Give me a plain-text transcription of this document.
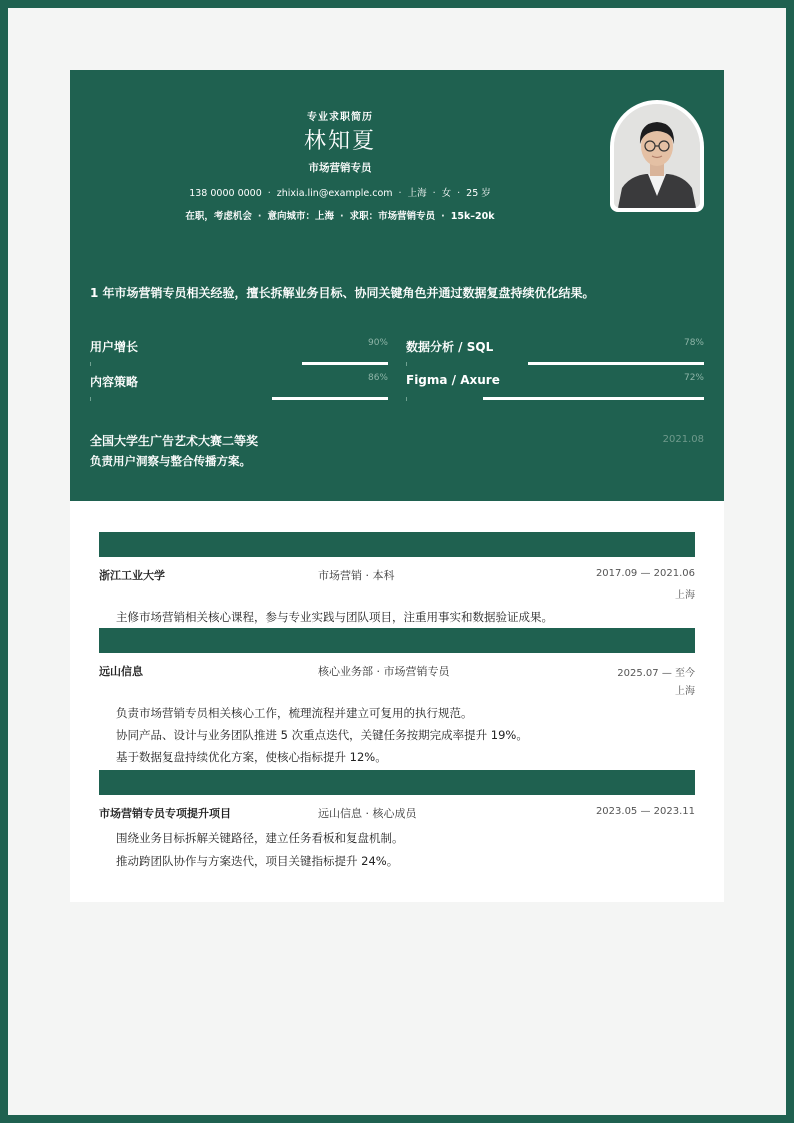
专业求职简历
林知夏
市场营销专员
138 0000 0000 · zhixia.lin@example.com · 上海 · 女 · 25 岁
在职，考虑机会 · 意向城市：上海 · 求职：市场营销专员 · 15k–20k
1 年市场营销专员相关经验，擅长拆解业务目标、协同关键角色并通过数据复盘持续优化结果。
用户增长	90% 数据分析 / SQL	78%
内容策略	86% Figma / Axure	72%
全国大学生广告艺术大赛二等奖	2021.08
负责用户洞察与整合传播方案。
浙江工业大学	市场营销 · 本科	2017.09 — 2021.06
上海
主修市场营销相关核心课程，参与专业实践与团队项目，注重用事实和数据验证成果。
远山信息	核心业务部 · 市场营销专员	2025.07 — 至今
上海
负责市场营销专员相关核心工作，梳理流程并建立可复用的执行规范。
协同产品、设计与业务团队推进 5 次重点迭代，关键任务按期完成率提升 19%。
基于数据复盘持续优化方案，使核心指标提升 12%。
市场营销专员专项提升项目	远山信息 · 核心成员	2023.05 — 2023.11
围绕业务目标拆解关键路径，建立任务看板和复盘机制。
推动跨团队协作与方案迭代，项目关键指标提升 24%。
